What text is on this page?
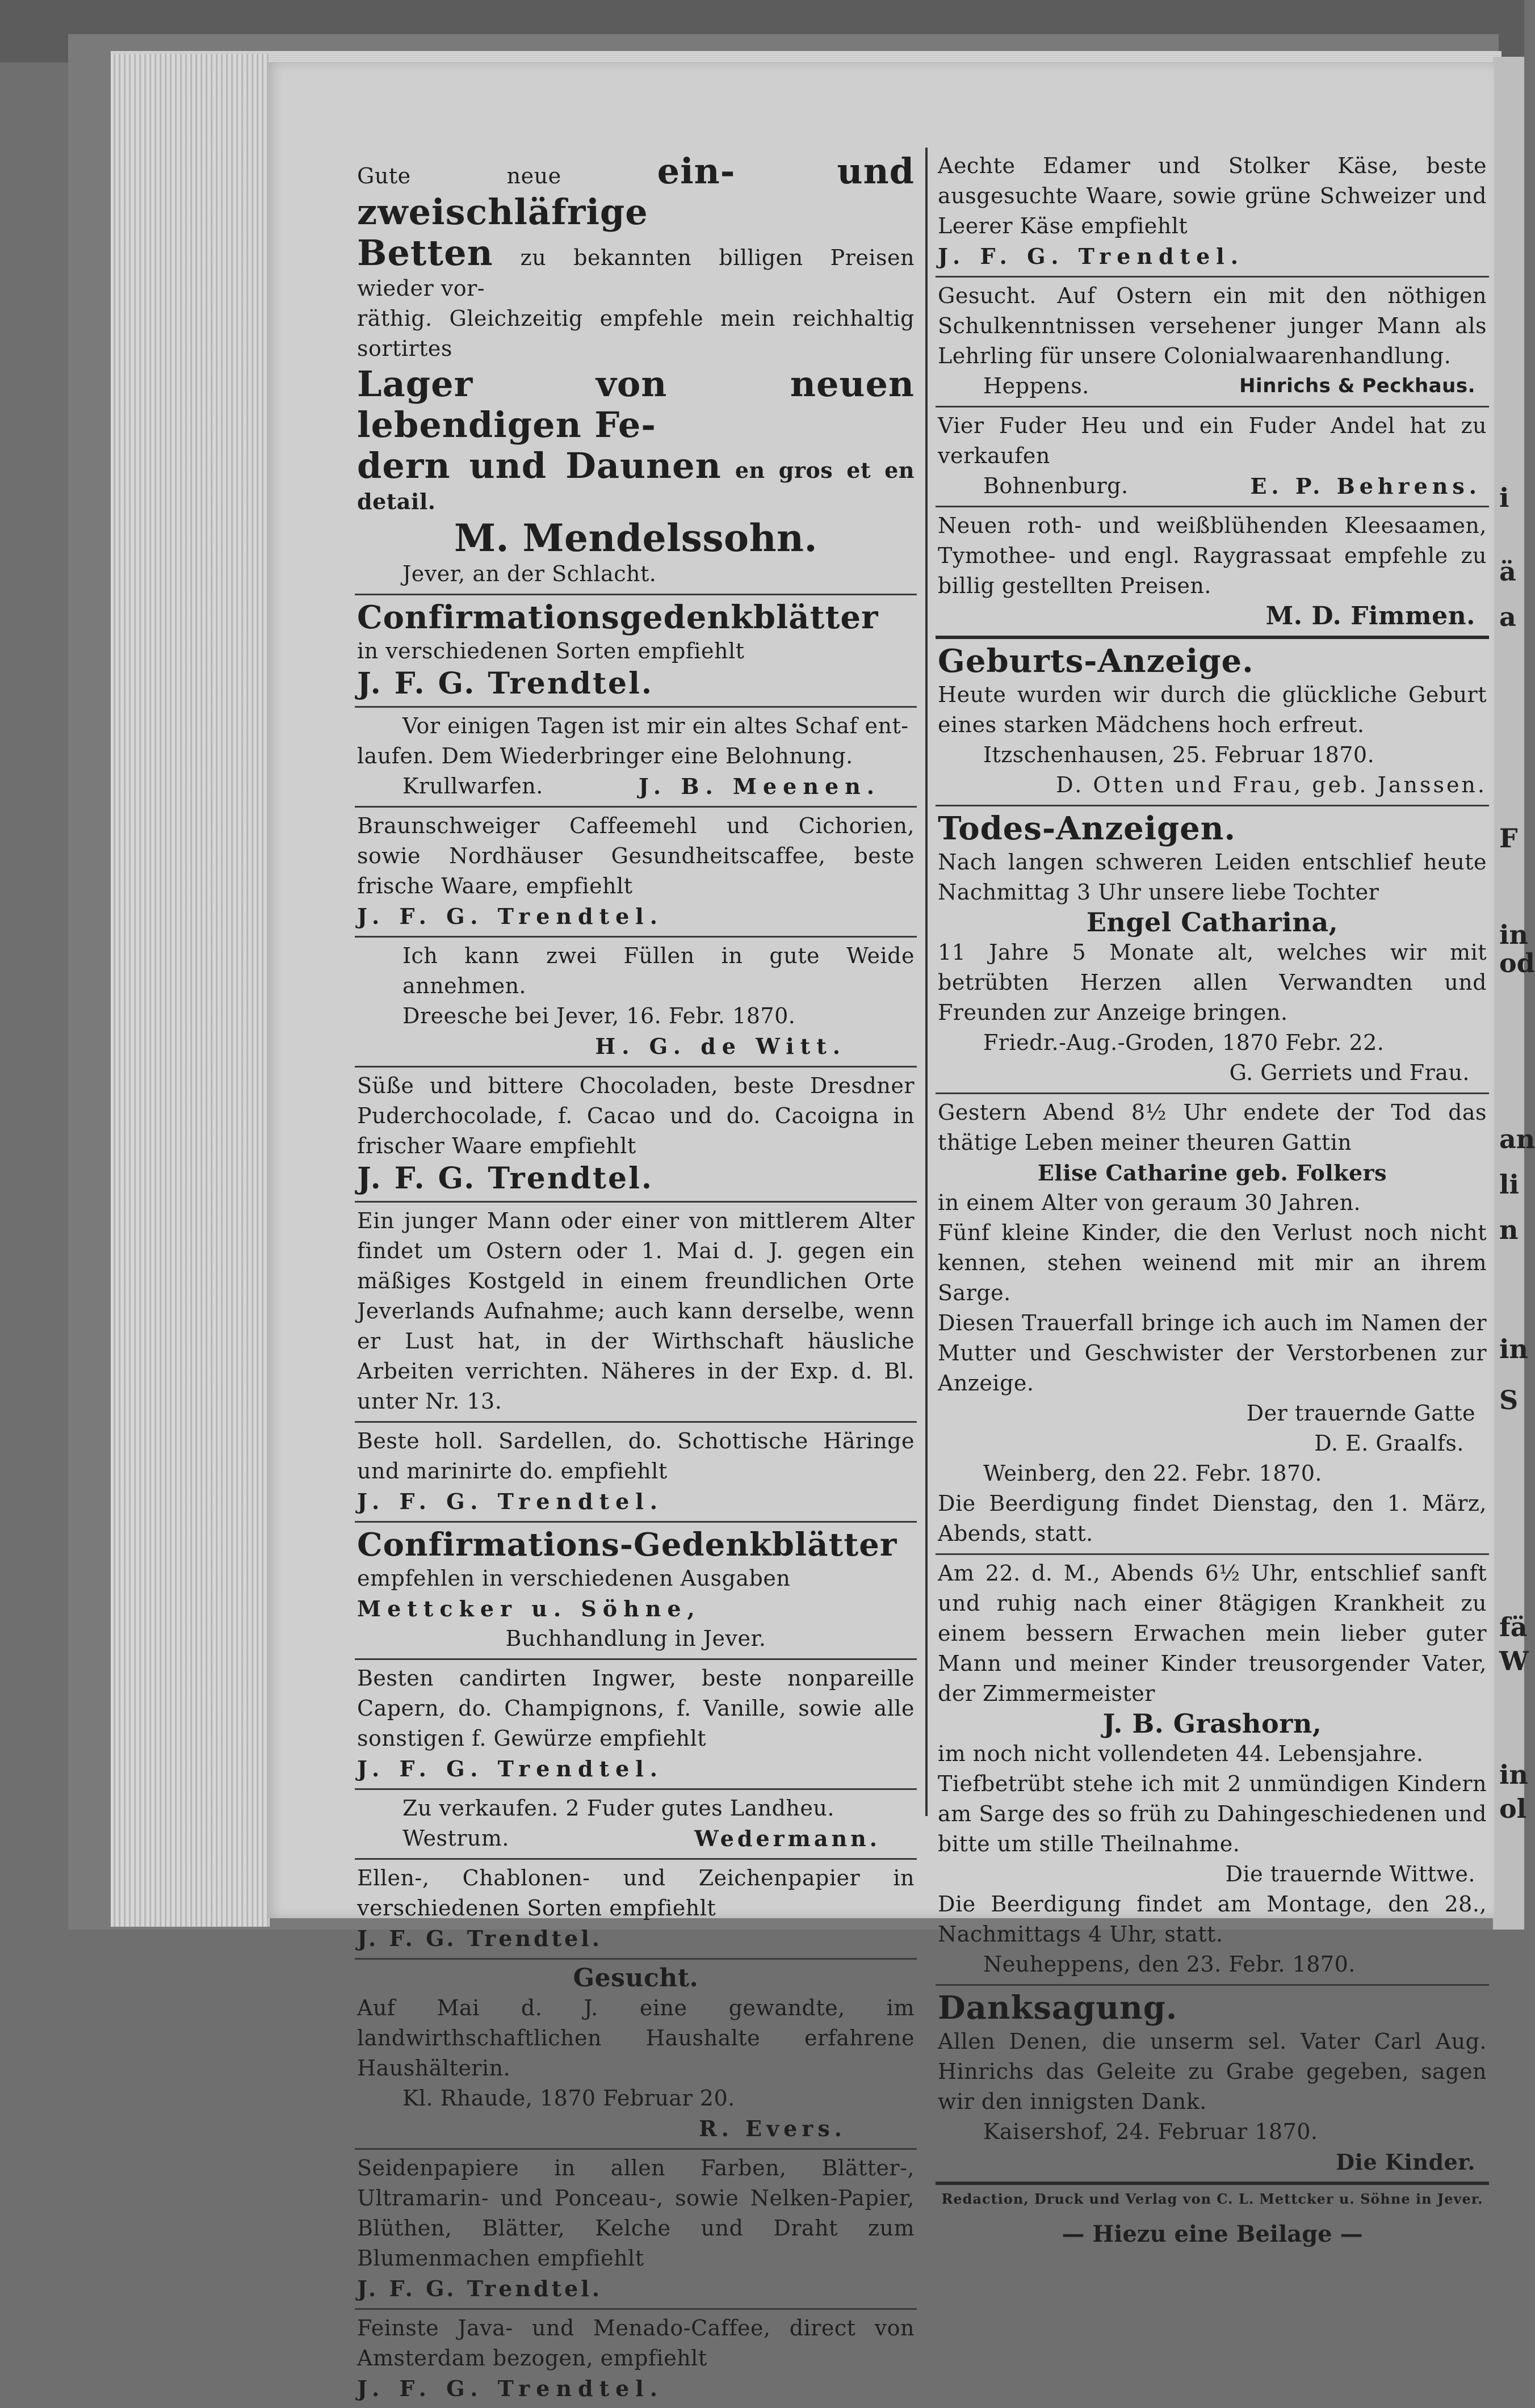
i
ä
a
F
in
od
an
li
n
in
S
fä
W
in
ol

Gute neue ein- und zweischläfrige

Betten zu bekannten billigen Preisen wieder vor-

räthig. Gleichzeitig empfehle mein reichhaltig sortirtes

Lager von neuen lebendigen Fe-

dern und Daunen en gros et en detail.

M. Mendelssohn.

Jever, an der Schlacht.

Confirmationsgedenkblätter

in verschiedenen Sorten empfiehlt

J. F. G. Trendtel.

Vor einigen Tagen ist mir ein altes Schaf ent-

laufen. Dem Wiederbringer eine Belohnung.

Krullwarfen.	J. B. Meenen.

Braunschweiger Caffeemehl und Cichorien, sowie Nordhäuser Gesundheitscaffee, beste frische Waare, empfiehlt

J. F. G. Trendtel.

Ich kann zwei Füllen in gute Weide annehmen.

Dreesche bei Jever, 16. Febr. 1870.

H. G. de Witt.

Süße und bittere Chocoladen, beste Dresdner Puderchocolade, f. Cacao und do. Cacoigna in frischer Waare empfiehlt

J. F. G. Trendtel.

Ein junger Mann oder einer von mittlerem Alter findet um Ostern oder 1. Mai d. J. gegen ein mäßiges Kostgeld in einem freundlichen Orte Jeverlands Aufnahme; auch kann derselbe, wenn er Lust hat, in der Wirthschaft häusliche Arbeiten verrichten. Näheres in der Exp. d. Bl. unter Nr. 13.

Beste holl. Sardellen, do. Schottische Häringe und marinirte do. empfiehlt

J. F. G. Trendtel.

Confirmations-Gedenkblätter

empfehlen in verschiedenen Ausgaben

Mettcker u. Söhne,

Buchhandlung in Jever.

Besten candirten Ingwer, beste nonpareille Capern, do. Champignons, f. Vanille, sowie alle sonstigen f. Gewürze empfiehlt

J. F. G. Trendtel.

Zu verkaufen. 2 Fuder gutes Landheu.

Westrum.	Wedermann.

Ellen-, Chablonen- und Zeichenpapier in verschiedenen Sorten empfiehlt

J. F. G. Trendtel.

Gesucht.

Auf Mai d. J. eine gewandte, im landwirthschaftlichen Haushalte erfahrene Haushälterin.

Kl. Rhaude, 1870 Februar 20.

R. Evers.

Seidenpapiere in allen Farben, Blätter-, Ultramarin- und Ponceau-, sowie Nelken-Papier, Blüthen, Blätter, Kelche und Draht zum Blumenmachen empfiehlt

J. F. G. Trendtel.

Feinste Java- und Menado-Caffee, direct von Amsterdam bezogen, empfiehlt

J. F. G. Trendtel.

Aechte Edamer und Stolker Käse, beste ausgesuchte Waare, sowie grüne Schweizer und Leerer Käse empfiehlt

J. F. G. Trendtel.

Gesucht. Auf Ostern ein mit den nöthigen Schulkenntnissen versehener junger Mann als Lehrling für unsere Colonialwaarenhandlung.

Heppens.	Hinrichs & Peckhaus.

Vier Fuder Heu und ein Fuder Andel hat zu verkaufen

Bohnenburg.	E. P. Behrens.

Neuen roth- und weißblühenden Kleesaamen, Tymothee- und engl. Raygrassaat empfehle zu billig gestellten Preisen.

M. D. Fimmen.

Geburts-Anzeige.

Heute wurden wir durch die glückliche Geburt eines starken Mädchens hoch erfreut.

Itzschenhausen, 25. Februar 1870.

D. Otten und Frau, geb. Janssen.

Todes-Anzeigen.

Nach langen schweren Leiden entschlief heute Nachmittag 3 Uhr unsere liebe Tochter

Engel Catharina,

11 Jahre 5 Monate alt, welches wir mit betrübten Herzen allen Verwandten und Freunden zur Anzeige bringen.

Friedr.-Aug.-Groden, 1870 Febr. 22.

G. Gerriets und Frau.

Gestern Abend 8½ Uhr endete der Tod das thätige Leben meiner theuren Gattin

Elise Catharine geb. Folkers

in einem Alter von geraum 30 Jahren.

Fünf kleine Kinder, die den Verlust noch nicht kennen, stehen weinend mit mir an ihrem Sarge.

Diesen Trauerfall bringe ich auch im Namen der Mutter und Geschwister der Verstorbenen zur Anzeige.

Der trauernde Gatte

D. E. Graalfs.

Weinberg, den 22. Febr. 1870.

Die Beerdigung findet Dienstag, den 1. März, Abends, statt.

Am 22. d. M., Abends 6½ Uhr, entschlief sanft und ruhig nach einer 8tägigen Krankheit zu einem bessern Erwachen mein lieber guter Mann und meiner Kinder treusorgender Vater, der Zimmermeister

J. B. Grashorn,

im noch nicht vollendeten 44. Lebensjahre.

Tiefbetrübt stehe ich mit 2 unmündigen Kindern am Sarge des so früh zu Dahingeschiedenen und bitte um stille Theilnahme.

Die trauernde Wittwe.

Die Beerdigung findet am Montage, den 28., Nachmittags 4 Uhr, statt.

Neuheppens, den 23. Febr. 1870.

Danksagung.

Allen Denen, die unserm sel. Vater Carl Aug. Hinrichs das Geleite zu Grabe gegeben, sagen wir den innigsten Dank.

Kaisershof, 24. Februar 1870.

Die Kinder.

Redaction, Druck und Verlag von C. L. Mettcker u. Söhne in Jever.

— Hiezu eine Beilage —
